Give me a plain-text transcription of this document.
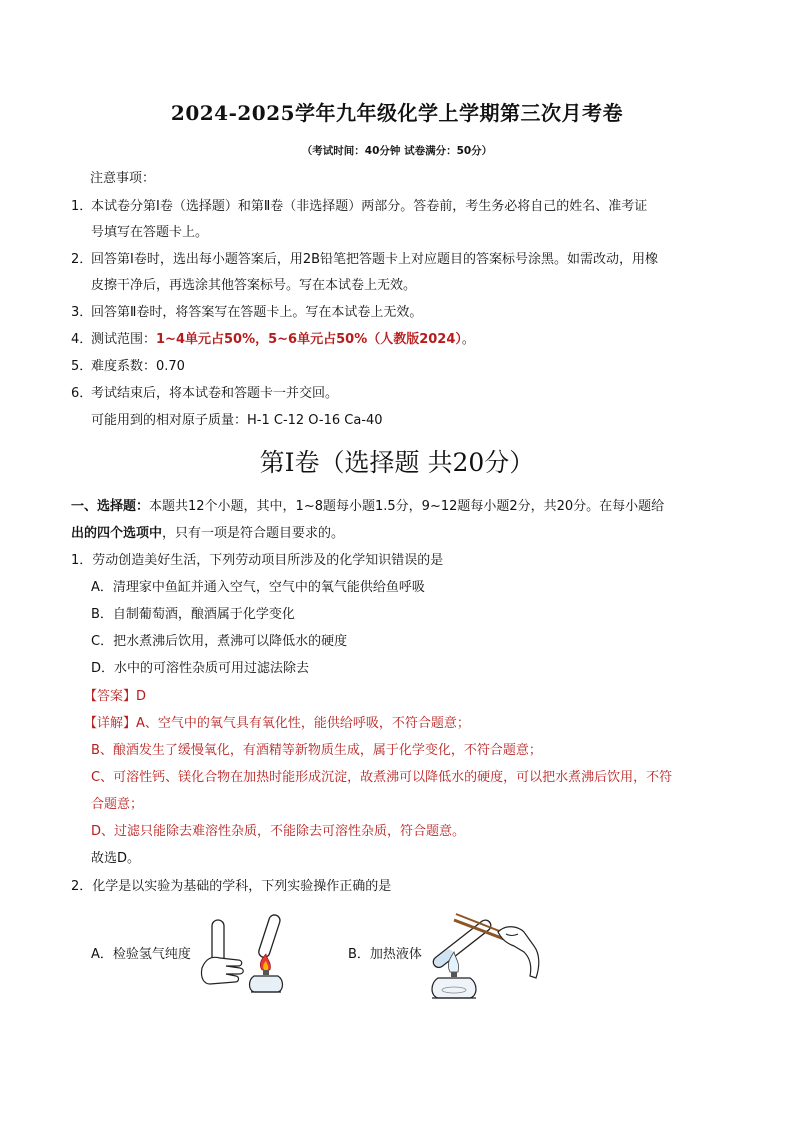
2024-2025学年九年级化学上学期第三次月考卷
（考试时间：40分钟 试卷满分：50分）
注意事项：
1．
本试卷分第Ⅰ卷（选择题）和第Ⅱ卷（非选择题）两部分。答卷前，考生务必将自己的姓名、准考证
号填写在答题卡上。
2．
回答第Ⅰ卷时，选出每小题答案后，用2B铅笔把答题卡上对应题目的答案标号涂黑。如需改动，用橡
皮擦干净后，再选涂其他答案标号。写在本试卷上无效。
3．
回答第Ⅱ卷时，将答案写在答题卡上。写在本试卷上无效。
4．
测试范围：1~4单元占50%，5~6单元占50%（人教版2024）。
5．
难度系数：0.70
6．
考试结束后，将本试卷和答题卡一并交回。
可能用到的相对原子质量：H-1 C-12 O-16 Ca-40
第Ⅰ卷（选择题 共20分）
一、选择题：本题共12个小题，其中，1~8题每小题1.5分，9~12题每小题2分，共20分。在每小题给
出的四个选项中，只有一项是符合题目要求的。
1．劳动创造美好生活，下列劳动项目所涉及的化学知识错误的是
A．清理家中鱼缸并通入空气，空气中的氧气能供给鱼呼吸
B．自制葡萄酒，酿酒属于化学变化
C．把水煮沸后饮用，煮沸可以降低水的硬度
D．水中的可溶性杂质可用过滤法除去
【答案】D
【详解】A、空气中的氧气具有氧化性，能供给呼吸，不符合题意；
B、酿酒发生了缓慢氧化，有酒精等新物质生成，属于化学变化，不符合题意；
C、可溶性钙、镁化合物在加热时能形成沉淀，故煮沸可以降低水的硬度，可以把水煮沸后饮用，不符
合题意；
D、过滤只能除去难溶性杂质，不能除去可溶性杂质，符合题意。
故选D。
2．化学是以实验为基础的学科，下列实验操作正确的是
A．检验氢气纯度	B．加热液体
